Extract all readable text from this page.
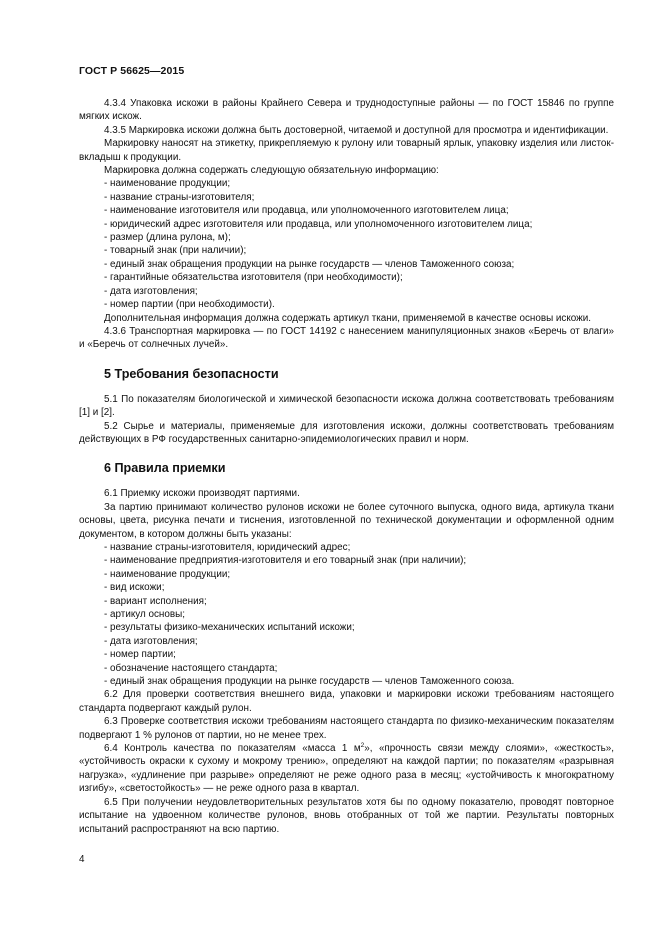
ГОСТ Р 56625—2015

4.3.4 Упаковка искожи в районы Крайнего Севера и труднодоступные районы — по ГОСТ 15846 по группе мягких искож.

4.3.5 Маркировка искожи должна быть достоверной, читаемой и доступной для просмотра и идентификации.

Маркировку наносят на этикетку, прикрепляемую к рулону или товарный ярлык, упаковку изделия или листок-вкладыш к продукции.

Маркировка должна содержать следующую обязательную информацию:

- наименование продукции;

- название страны-изготовителя;

- наименование изготовителя или продавца, или уполномоченного изготовителем лица;

- юридический адрес изготовителя или продавца, или уполномоченного изготовителем лица;

- размер (длина рулона, м);

- товарный знак (при наличии);

- единый знак обращения продукции на рынке государств — членов Таможенного союза;

- гарантийные обязательства изготовителя (при необходимости);

- дата изготовления;

- номер партии (при необходимости).

Дополнительная информация должна содержать артикул ткани, применяемой в качестве основы искожи.

4.3.6 Транспортная маркировка — по ГОСТ 14192 с нанесением манипуляционных знаков «Беречь от влаги» и «Беречь от солнечных лучей».

5 Требования безопасности

5.1 По показателям биологической и химической безопасности искожа должна соответствовать требованиям [1] и [2].

5.2 Сырье и материалы, применяемые для изготовления искожи, должны соответствовать требованиям действующих в РФ государственных санитарно-эпидемиологических правил и норм.

6 Правила приемки

6.1 Приемку искожи производят партиями.

За партию принимают количество рулонов искожи не более суточного выпуска, одного вида, артикула ткани основы, цвета, рисунка печати и тиснения, изготовленной по технической документации и оформленной одним документом, в котором должны быть указаны:

- название страны-изготовителя, юридический адрес;

- наименование предприятия-изготовителя и его товарный знак (при наличии);

- наименование продукции;

- вид искожи;

- вариант исполнения;

- артикул основы;

- результаты физико-механических испытаний искожи;

- дата изготовления;

- номер партии;

- обозначение настоящего стандарта;

- единый знак обращения продукции на рынке государств — членов Таможенного союза.

6.2 Для проверки соответствия внешнего вида, упаковки и маркировки искожи требованиям настоящего стандарта подвергают каждый рулон.

6.3 Проверке соответствия искожи требованиям настоящего стандарта по физико-механическим показателям подвергают 1 % рулонов от партии, но не менее трех.

6.4 Контроль качества по показателям «масса 1 $м^2$», «прочность связи между слоями», «жесткость», «устойчивость окраски к сухому и мокрому трению», определяют на каждой партии; по показателям «разрывная нагрузка», «удлинение при разрыве» определяют не реже одного раза в месяц; «устойчивость к многократному изгибу», «светостойкость» — не реже одного раза в квартал.

6.5 При получении неудовлетворительных результатов хотя бы по одному показателю, проводят повторное испытание на удвоенном количестве рулонов, вновь отобранных от той же партии. Результаты повторных испытаний распространяют на всю партию.

4
